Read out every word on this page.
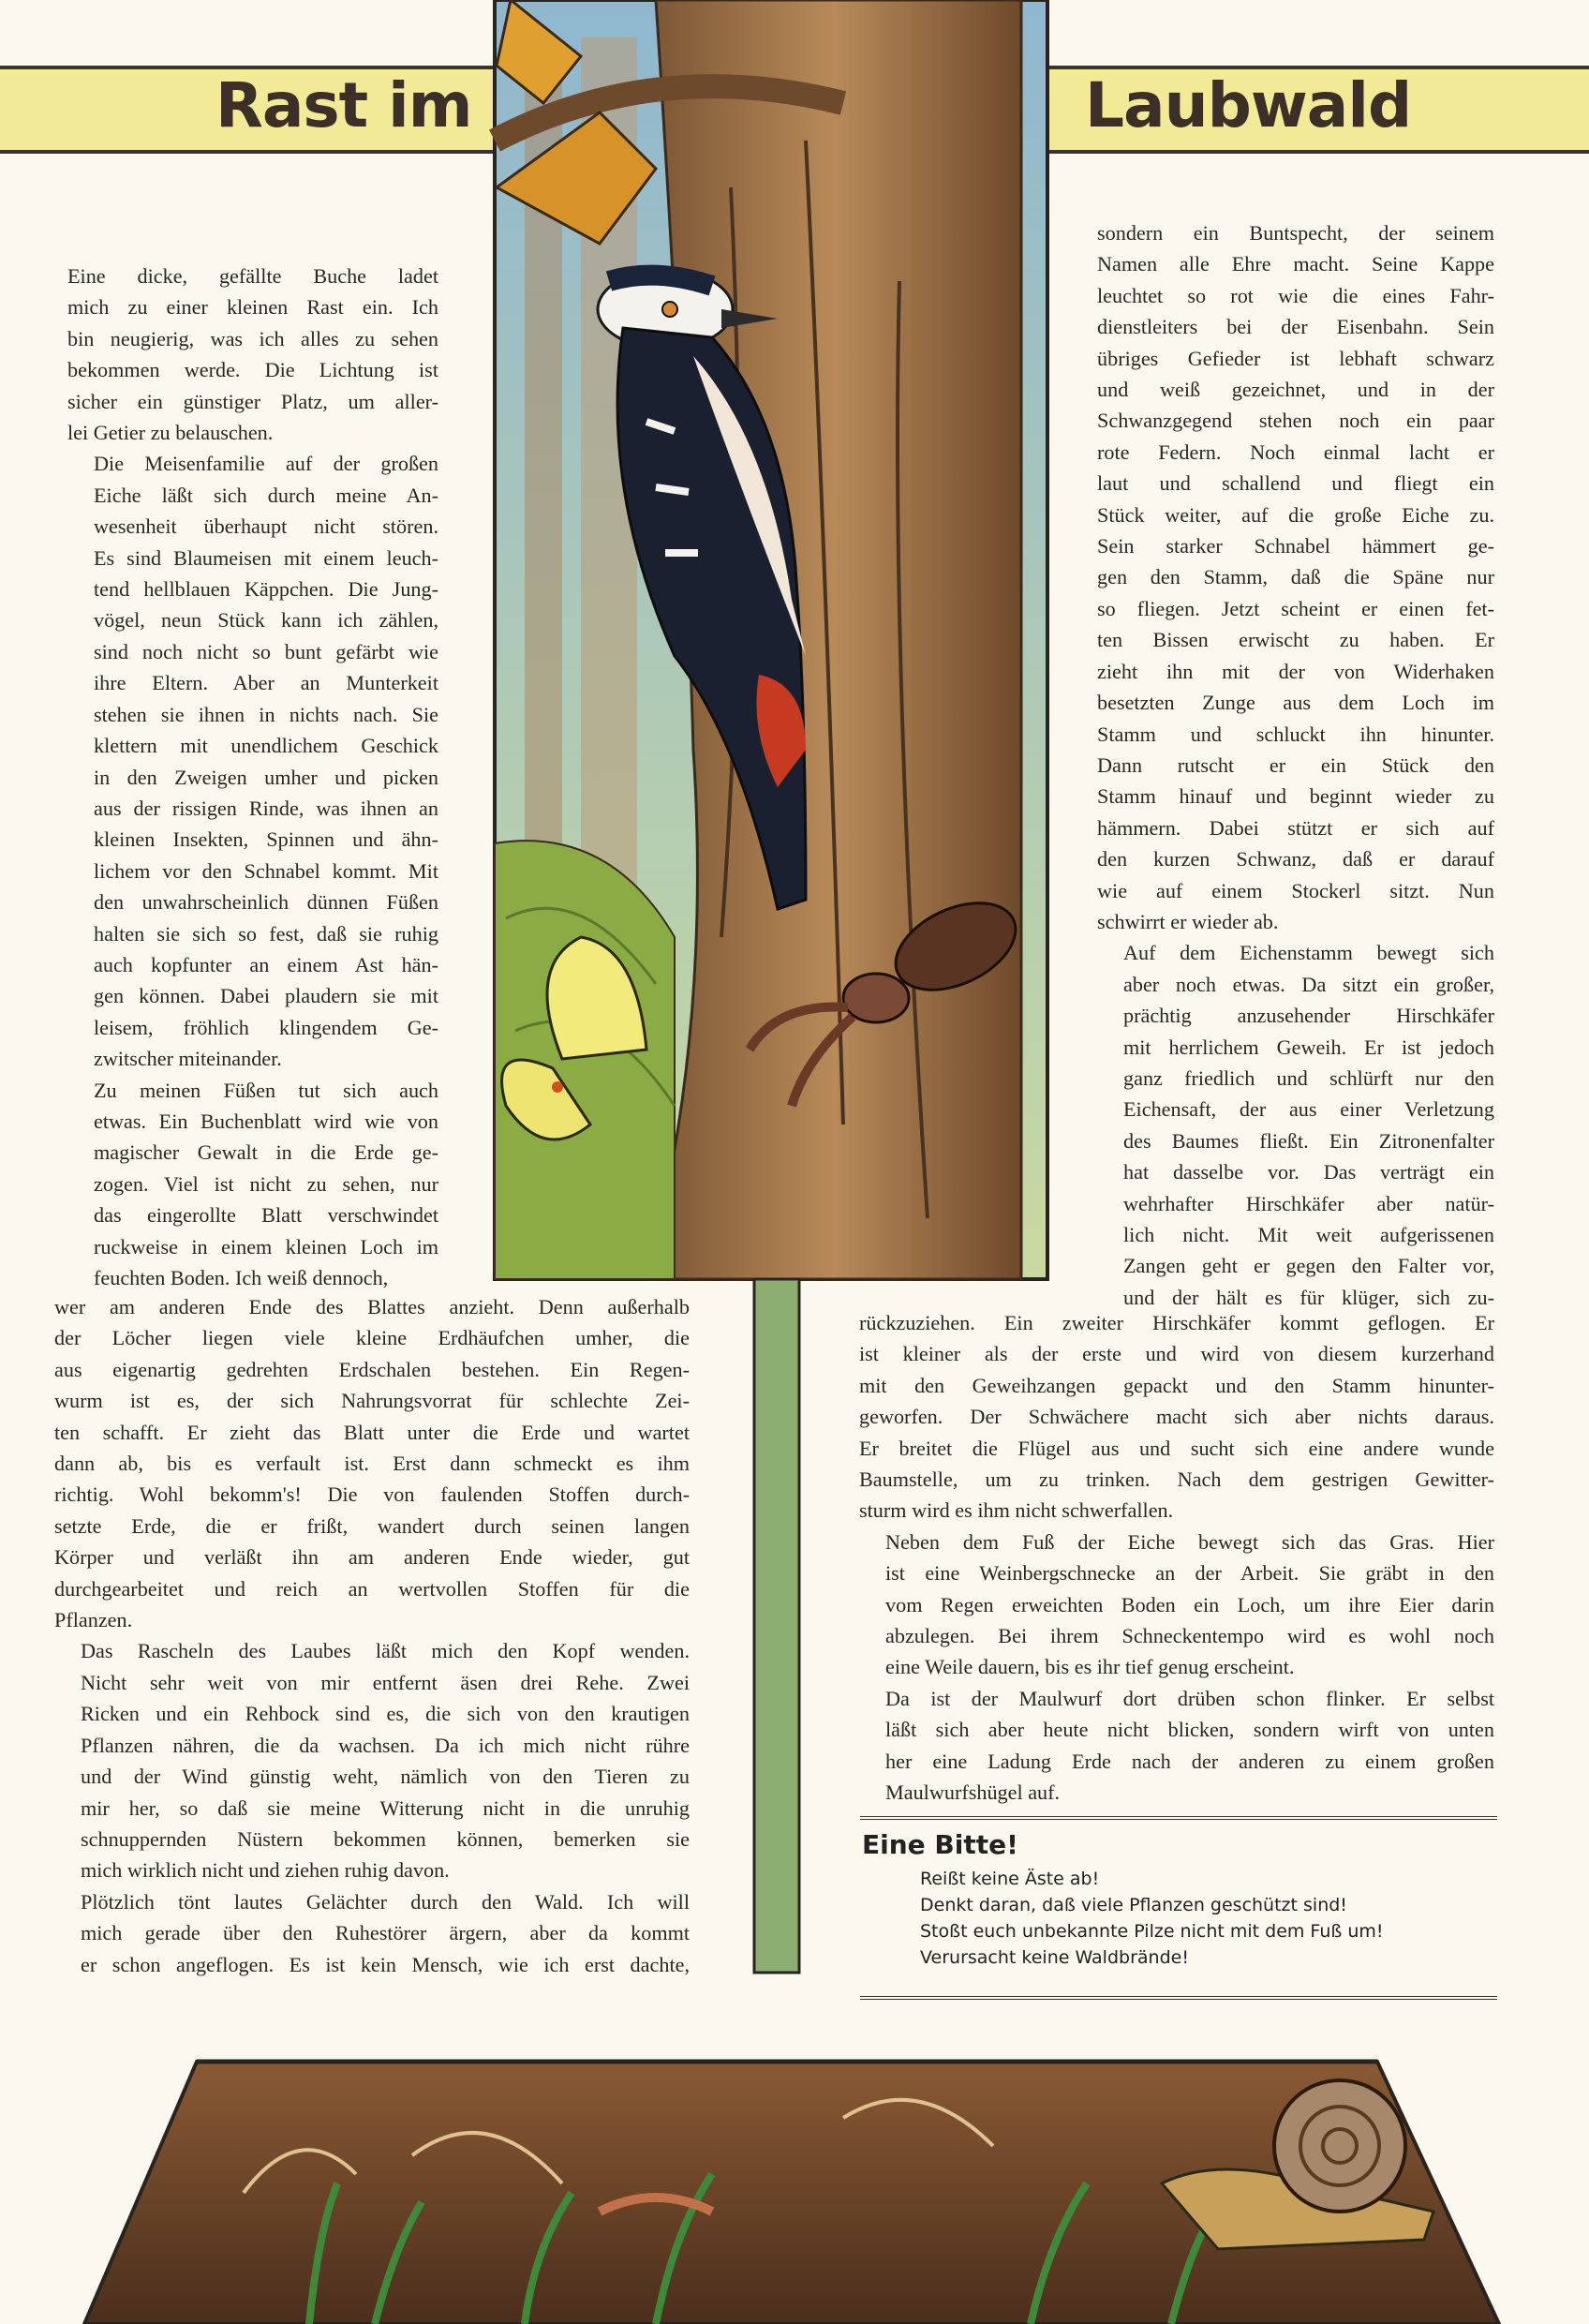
Rast im	Laubwald

Eine dicke, gefällte Buche ladet
mich zu einer kleinen Rast ein. Ich
bin neugierig, was ich alles zu sehen
bekommen werde. Die Lichtung ist
sicher ein günstiger Platz, um aller-
lei Getier zu belauschen.

Die Meisenfamilie auf der großen
Eiche läßt sich durch meine An-
wesenheit überhaupt nicht stören.
Es sind Blaumeisen mit einem leuch-
tend hellblauen Käppchen. Die Jung-
vögel, neun Stück kann ich zählen,
sind noch nicht so bunt gefärbt wie
ihre Eltern. Aber an Munterkeit
stehen sie ihnen in nichts nach. Sie
klettern mit unendlichem Geschick
in den Zweigen umher und picken
aus der rissigen Rinde, was ihnen an
kleinen Insekten, Spinnen und ähn-
lichem vor den Schnabel kommt. Mit
den unwahrscheinlich dünnen Füßen
halten sie sich so fest, daß sie ruhig
auch kopfunter an einem Ast hän-
gen können. Dabei plaudern sie mit
leisem, fröhlich klingendem Ge-
zwitscher miteinander.

Zu meinen Füßen tut sich auch
etwas. Ein Buchenblatt wird wie von
magischer Gewalt in die Erde ge-
zogen. Viel ist nicht zu sehen, nur
das eingerollte Blatt verschwindet
ruckweise in einem kleinen Loch im
feuchten Boden. Ich weiß dennoch,

wer am anderen Ende des Blattes anzieht. Denn außerhalb
der Löcher liegen viele kleine Erdhäufchen umher, die
aus eigenartig gedrehten Erdschalen bestehen. Ein Regen-
wurm ist es, der sich Nahrungsvorrat für schlechte Zei-
ten schafft. Er zieht das Blatt unter die Erde und wartet
dann ab, bis es verfault ist. Erst dann schmeckt es ihm
richtig. Wohl bekomm's! Die von faulenden Stoffen durch-
setzte Erde, die er frißt, wandert durch seinen langen
Körper und verläßt ihn am anderen Ende wieder, gut
durchgearbeitet und reich an wertvollen Stoffen für die
Pflanzen.

Das Rascheln des Laubes läßt mich den Kopf wenden.
Nicht sehr weit von mir entfernt äsen drei Rehe. Zwei
Ricken und ein Rehbock sind es, die sich von den krautigen
Pflanzen nähren, die da wachsen. Da ich mich nicht rühre
und der Wind günstig weht, nämlich von den Tieren zu
mir her, so daß sie meine Witterung nicht in die unruhig
schnuppernden Nüstern bekommen können, bemerken sie
mich wirklich nicht und ziehen ruhig davon.

Plötzlich tönt lautes Gelächter durch den Wald. Ich will
mich gerade über den Ruhestörer ärgern, aber da kommt
er schon angeflogen. Es ist kein Mensch, wie ich erst dachte,

sondern ein Buntspecht, der seinem
Namen alle Ehre macht. Seine Kappe
leuchtet so rot wie die eines Fahr-
dienstleiters bei der Eisenbahn. Sein
übriges Gefieder ist lebhaft schwarz
und weiß gezeichnet, und in der
Schwanzgegend stehen noch ein paar
rote Federn. Noch einmal lacht er
laut und schallend und fliegt ein
Stück weiter, auf die große Eiche zu.
Sein starker Schnabel hämmert ge-
gen den Stamm, daß die Späne nur
so fliegen. Jetzt scheint er einen fet-
ten Bissen erwischt zu haben. Er
zieht ihn mit der von Widerhaken
besetzten Zunge aus dem Loch im
Stamm und schluckt ihn hinunter.
Dann rutscht er ein Stück den
Stamm hinauf und beginnt wieder zu
hämmern. Dabei stützt er sich auf
den kurzen Schwanz, daß er darauf
wie auf einem Stockerl sitzt. Nun
schwirrt er wieder ab.

Auf dem Eichenstamm bewegt sich
aber noch etwas. Da sitzt ein großer,
prächtig anzusehender Hirschkäfer
mit herrlichem Geweih. Er ist jedoch
ganz friedlich und schlürft nur den
Eichensaft, der aus einer Verletzung
des Baumes fließt. Ein Zitronenfalter
hat dasselbe vor. Das verträgt ein
wehrhafter Hirschkäfer aber natür-
lich nicht. Mit weit aufgerissenen
Zangen geht er gegen den Falter vor,
und der hält es für klüger, sich zu-

rückzuziehen. Ein zweiter Hirschkäfer kommt geflogen. Er
ist kleiner als der erste und wird von diesem kurzerhand
mit den Geweihzangen gepackt und den Stamm hinunter-
geworfen. Der Schwächere macht sich aber nichts daraus.
Er breitet die Flügel aus und sucht sich eine andere wunde
Baumstelle, um zu trinken. Nach dem gestrigen Gewitter-
sturm wird es ihm nicht schwerfallen.

Neben dem Fuß der Eiche bewegt sich das Gras. Hier
ist eine Weinbergschnecke an der Arbeit. Sie gräbt in den
vom Regen erweichten Boden ein Loch, um ihre Eier darin
abzulegen. Bei ihrem Schneckentempo wird es wohl noch
eine Weile dauern, bis es ihr tief genug erscheint.

Da ist der Maulwurf dort drüben schon flinker. Er selbst
läßt sich aber heute nicht blicken, sondern wirft von unten
her eine Ladung Erde nach der anderen zu einem großen
Maulwurfshügel auf.

Eine Bitte!

Reißt keine Äste ab!
Denkt daran, daß viele Pflanzen geschützt sind!
Stoßt euch unbekannte Pilze nicht mit dem Fuß um!
Verursacht keine Waldbrände!
